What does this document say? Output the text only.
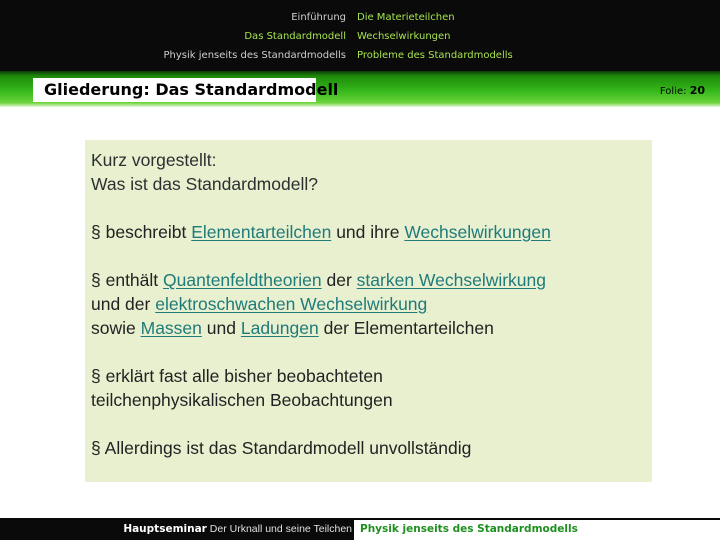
Einführung
Das Standardmodell
Physik jenseits des Standardmodells
Die Materieteilchen
Wechselwirkungen
Probleme des Standardmodells
Gliederung: Das Standardmodell	Folie: 20
Kurz vorgestellt:
Was ist das Standardmodell?
§ beschreibt Elementarteilchen und ihre Wechselwirkungen
§ enthält Quantenfeldtheorien der starken Wechselwirkung
und der elektroschwachen Wechselwirkung
sowie Massen und Ladungen der Elementarteilchen
§ erklärt fast alle bisher beobachteten
teilchenphysikalischen Beobachtungen
§ Allerdings ist das Standardmodell unvollständig
Hauptseminar Der Urknall und seine Teilchen Physik jenseits des Standardmodells
